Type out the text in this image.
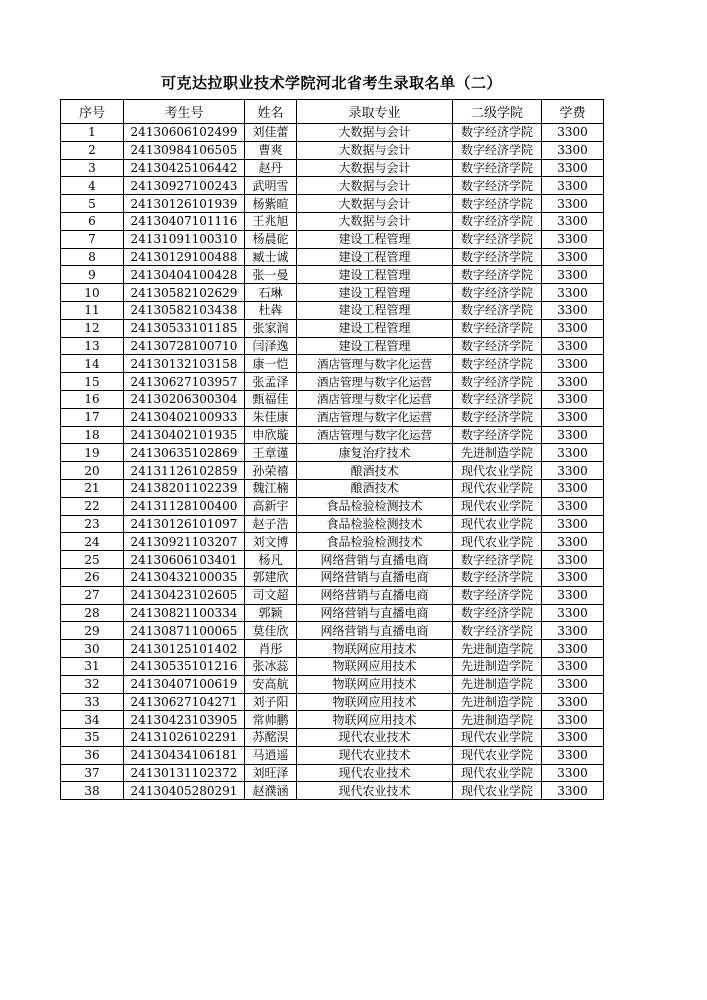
可克达拉职业技术学院河北省考生录取名单（二）
序号	考生号	姓名	录取专业	二级学院	学费
1	24130606102499	刘佳蕾	大数据与会计	数字经济学院	3300
2	24130984106505	曹爽	大数据与会计	数字经济学院	3300
3	24130425106442	赵丹	大数据与会计	数字经济学院	3300
4	24130927100243	武明雪	大数据与会计	数字经济学院	3300
5	24130126101939	杨紫暄	大数据与会计	数字经济学院	3300
6	24130407101116	王兆旭	大数据与会计	数字经济学院	3300
7	24131091100310	杨晨砣	建设工程管理	数字经济学院	3300
8	24130129100488	臧士诚	建设工程管理	数字经济学院	3300
9	24130404100428	张一曼	建设工程管理	数字经济学院	3300
10	24130582102629	石琳	建设工程管理	数字经济学院	3300
11	24130582103438	杜犇	建设工程管理	数字经济学院	3300
12	24130533101185	张家润	建设工程管理	数字经济学院	3300
13	24130728100710	闫泽逸	建设工程管理	数字经济学院	3300
14	24130132103158	康一恺	酒店管理与数字化运营	数字经济学院	3300
15	24130627103957	张孟泽	酒店管理与数字化运营	数字经济学院	3300
16	24130206300304	甄福佳	酒店管理与数字化运营	数字经济学院	3300
17	24130402100933	朱佳康	酒店管理与数字化运营	数字经济学院	3300
18	24130402101935	申欣璇	酒店管理与数字化运营	数字经济学院	3300
19	24130635102869	王章谨	康复治疗技术	先进制造学院	3300
20	24131126102859	孙荣禧	酿酒技术	现代农业学院	3300
21	24138201102239	魏江楠	酿酒技术	现代农业学院	3300
22	24131128100400	高新宇	食品检验检测技术	现代农业学院	3300
23	24130126101097	赵子浩	食品检验检测技术	现代农业学院	3300
24	24130921103207	刘文博	食品检验检测技术	现代农业学院	3300
25	24130606103401	杨凡	网络营销与直播电商	数字经济学院	3300
26	24130432100035	郭建欣	网络营销与直播电商	数字经济学院	3300
27	24130423102605	司文超	网络营销与直播电商	数字经济学院	3300
28	24130821100334	郭颖	网络营销与直播电商	数字经济学院	3300
29	24130871100065	莫佳欣	网络营销与直播电商	数字经济学院	3300
30	24130125101402	肖彤	物联网应用技术	先进制造学院	3300
31	24130535101216	张冰蕊	物联网应用技术	先进制造学院	3300
32	24130407100619	安高航	物联网应用技术	先进制造学院	3300
33	24130627104271	刘子阳	物联网应用技术	先进制造学院	3300
34	24130423103905	常帅鹏	物联网应用技术	先进制造学院	3300
35	24131026102291	苏酩淏	现代农业技术	现代农业学院	3300
36	24130434106181	马逍遥	现代农业技术	现代农业学院	3300
37	24130131102372	刘旺泽	现代农业技术	现代农业学院	3300
38	24130405280291	赵濮涵	现代农业技术	现代农业学院	3300
